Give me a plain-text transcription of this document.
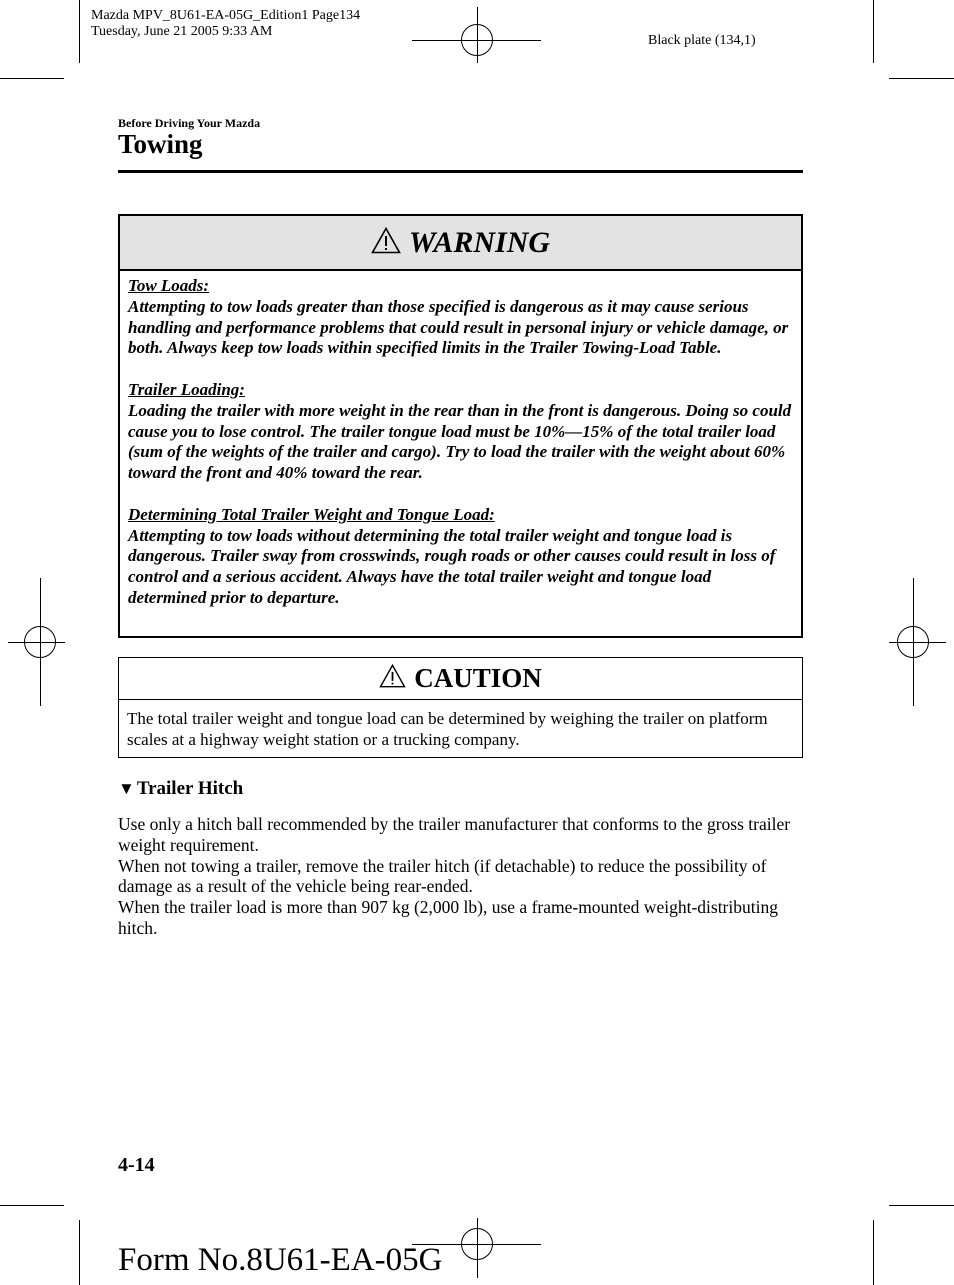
Mazda MPV_8U61-EA-05G_Edition1 Page134
Tuesday, June 21 2005 9:33 AM
Black plate (134,1)
Before Driving Your Mazda
Towing
WARNING
Tow Loads:
Attempting to tow loads greater than those specified is dangerous as it may cause serious handling and performance problems that could result in personal injury or vehicle damage, or both. Always keep tow loads within specified limits in the Trailer Towing-Load Table.
Trailer Loading:
Loading the trailer with more weight in the rear than in the front is dangerous. Doing so could cause you to lose control. The trailer tongue load must be 10%―15% of the total trailer load (sum of the weights of the trailer and cargo). Try to load the trailer with the weight about 60% toward the front and 40% toward the rear.
Determining Total Trailer Weight and Tongue Load:
Attempting to tow loads without determining the total trailer weight and tongue load is dangerous. Trailer sway from crosswinds, rough roads or other causes could result in loss of control and a serious accident. Always have the total trailer weight and tongue load determined prior to departure.
CAUTION
The total trailer weight and tongue load can be determined by weighing the trailer on platform scales at a highway weight station or a trucking company.
▼ Trailer Hitch
Use only a hitch ball recommended by the trailer manufacturer that conforms to the gross trailer weight requirement.
When not towing a trailer, remove the trailer hitch (if detachable) to reduce the possibility of damage as a result of the vehicle being rear-ended.
When the trailer load is more than 907 kg (2,000 lb), use a frame-mounted weight-distributing hitch.
4-14
Form No.8U61-EA-05G
